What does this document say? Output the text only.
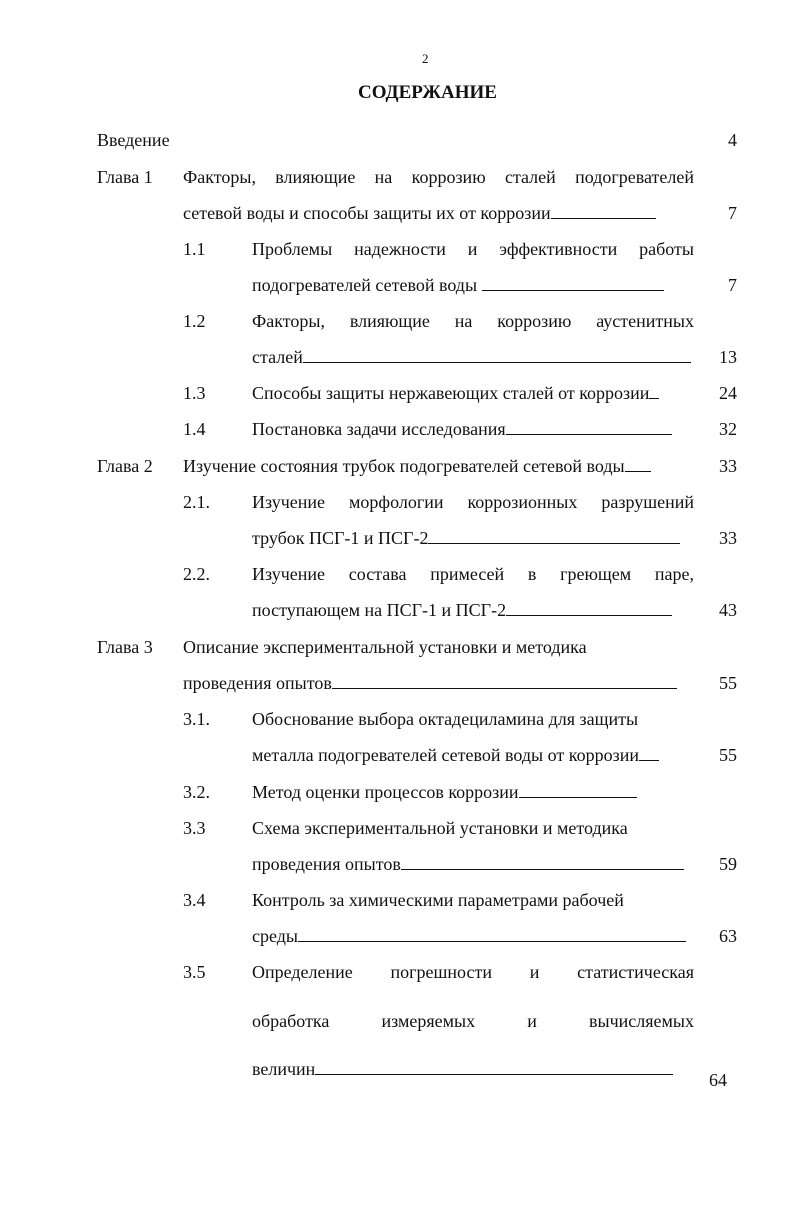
2
СОДЕРЖАНИЕ
Введение	4
Глава 1 Факторы, влияющие на коррозию сталей подогревателей
сетевой воды и способы защиты их от коррозии	7
1.1	Проблемы надежности и эффективности работы
подогревателей сетевой воды	7
1.2	Факторы, влияющие на коррозию аустенитных
сталей	13
1.3	Способы защиты нержавеющих сталей от коррозии	24
1.4	Постановка задачи исследования	32
Глава 2 Изучение состояния трубок подогревателей сетевой воды	33
2.1. Изучение морфологии коррозионных разрушений
трубок ПСГ-1 и ПСГ-2	33
2.2. Изучение состава примесей в греющем паре,
поступающем на ПСГ-1 и ПСГ-2	43
Глава 3 Описание экспериментальной установки и методика
проведения опытов	55
3.1. Обоснование выбора октадециламина для защиты
металла подогревателей сетевой воды от коррозии	55
3.2. Метод оценки процессов коррозии
3.3	Схема экспериментальной установки и методика
проведения опытов	59
3.4	Контроль за химическими параметрами рабочей
среды	63
3.5	Определение погрешности и статистическая
обработка измеряемых и вычисляемых
величин
64
